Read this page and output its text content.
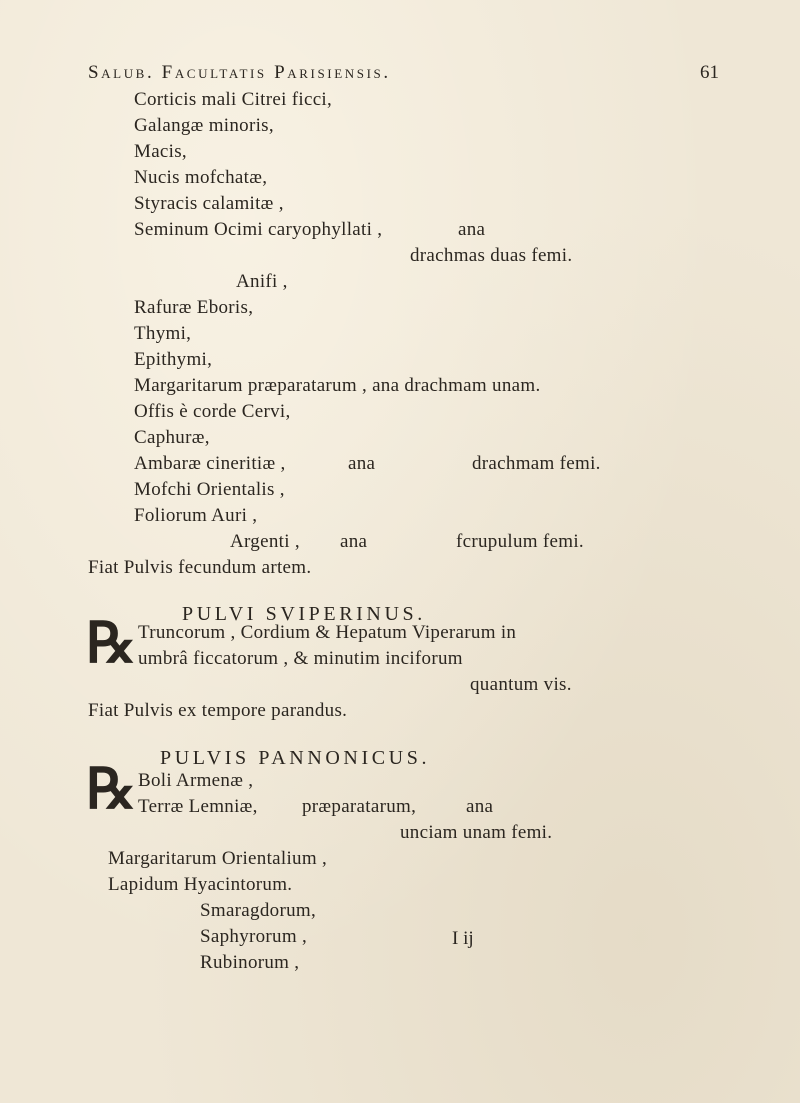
Salub. Facultatis Parisiensis.	61
Corticis mali Citrei ficci,
Galangæ minoris,
Macis,
Nucis mofchatæ,
Styracis calamitæ ,
Seminum Ocimi caryophyllati ,	ana
drachmas duas femi.
Anifi ,
Rafuræ Eboris,
Thymi,
Epithymi,
Margaritarum præparatarum , ana drachmam unam.
Offis è corde Cervi,
Caphuræ,
Ambaræ cineritiæ ,	ana	drachmam femi.
Mofchi Orientalis ,
Foliorum Auri ,
Argenti , ana	fcrupulum femi.
Fiat Pulvis fecundum artem.
PULVI SVIPERINUS.
℞ Truncorum , Cordium & Hepatum Viperarum in
umbrâ ficcatorum , & minutim inciforum
quantum vis.
Fiat Pulvis ex tempore parandus.
PULVIS PANNONICUS.
℞ Boli Armenæ ,
Terræ Lemniæ, præparatarum,	ana
unciam unam femi.
Margaritarum Orientalium ,
Lapidum Hyacintorum.
Smaragdorum,
Saphyrorum ,
Rubinorum ,
I ij
